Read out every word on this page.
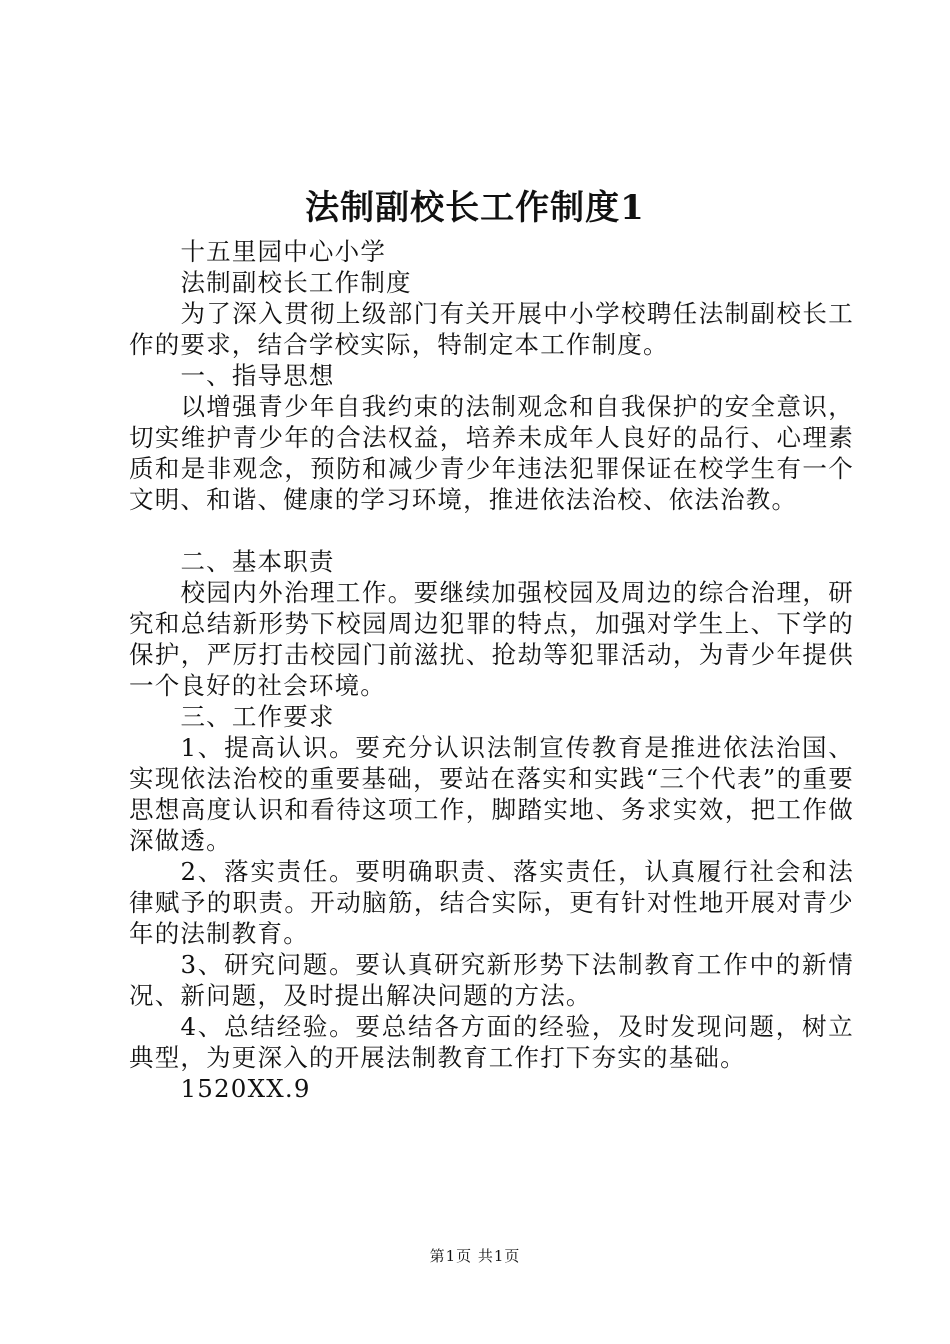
法制副校长工作制度1

十五里园中心小学

法制副校长工作制度

为了深入贯彻上级部门有关开展中小学校聘任法制副校长工作的要求，结合学校实际，特制定本工作制度。

一、指导思想

以增强青少年自我约束的法制观念和自我保护的安全意识，切实维护青少年的合法权益，培养未成年人良好的品行、心理素质和是非观念，预防和减少青少年违法犯罪保证在校学生有一个文明、和谐、健康的学习环境，推进依法治校、依法治教。

二、基本职责

校园内外治理工作。要继续加强校园及周边的综合治理，研究和总结新形势下校园周边犯罪的特点，加强对学生上、下学的保护，严厉打击校园门前滋扰、抢劫等犯罪活动，为青少年提供一个良好的社会环境。

三、工作要求

1、提高认识。要充分认识法制宣传教育是推进依法治国、实现依法治校的重要基础，要站在落实和实践“三个代表”的重要思想高度认识和看待这项工作，脚踏实地、务求实效，把工作做深做透。

2、落实责任。要明确职责、落实责任，认真履行社会和法律赋予的职责。开动脑筋，结合实际，更有针对性地开展对青少年的法制教育。

3、研究问题。要认真研究新形势下法制教育工作中的新情况、新问题，及时提出解决问题的方法。

4、总结经验。要总结各方面的经验，及时发现问题，树立典型，为更深入的开展法制教育工作打下夯实的基础。

1520XX.9

第1页 共1页
